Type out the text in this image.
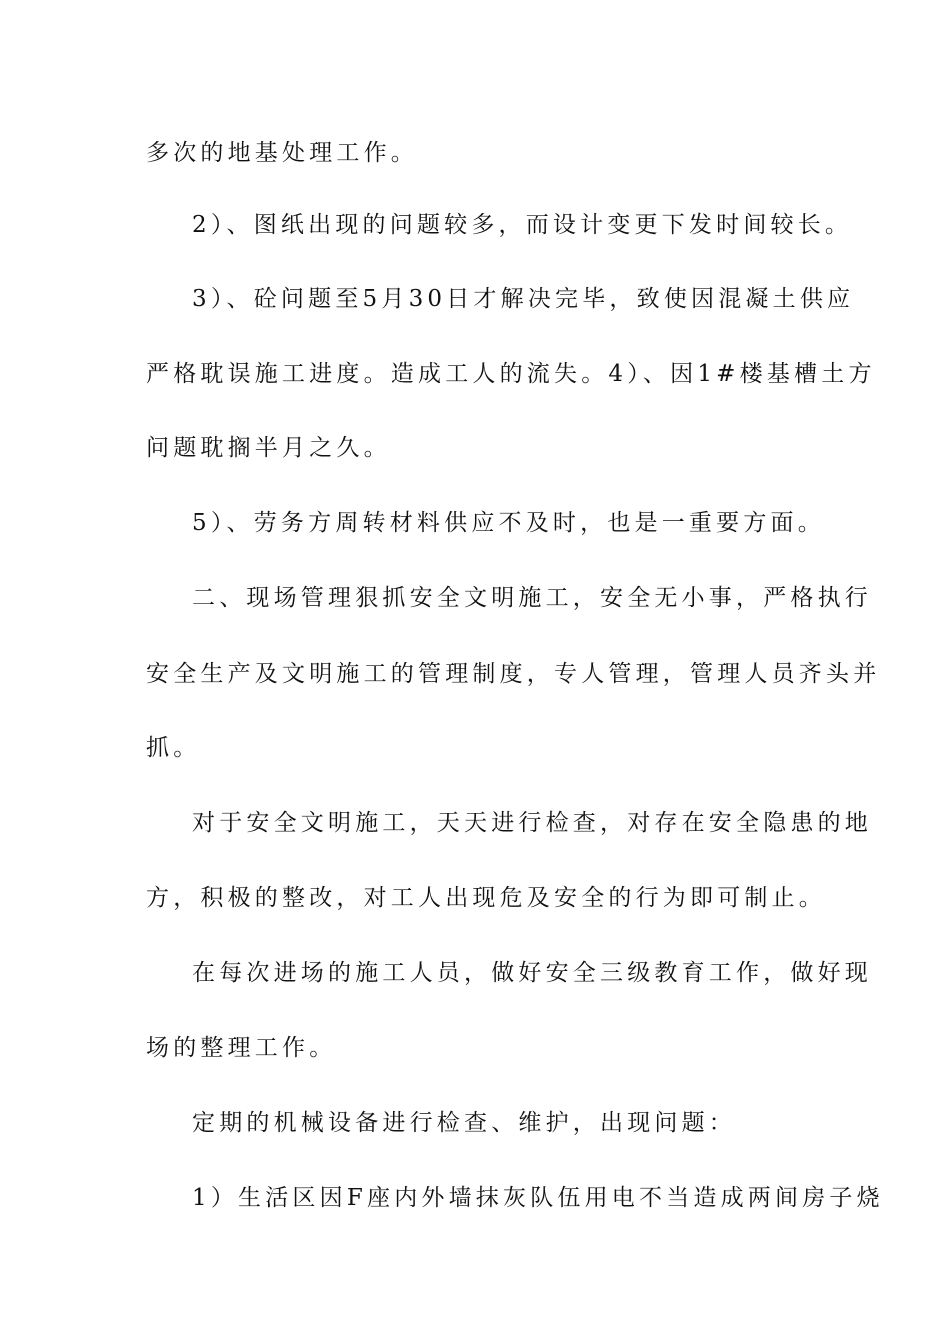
多次的地基处理工作。
2）、图纸出现的问题较多，而设计变更下发时间较长。
3）、砼问题至5月30日才解决完毕，致使因混凝土供应
严格耽误施工进度。造成工人的流失。4）、因1#楼基槽土方
问题耽搁半月之久。
5）、劳务方周转材料供应不及时，也是一重要方面。
二、现场管理狠抓安全文明施工，安全无小事，严格执行
安全生产及文明施工的管理制度，专人管理，管理人员齐头并
抓。
对于安全文明施工，天天进行检查，对存在安全隐患的地
方，积极的整改，对工人出现危及安全的行为即可制止。
在每次进场的施工人员，做好安全三级教育工作，做好现
场的整理工作。
定期的机械设备进行检查、维护，出现问题：
1）生活区因F座内外墙抹灰队伍用电不当造成两间房子烧
